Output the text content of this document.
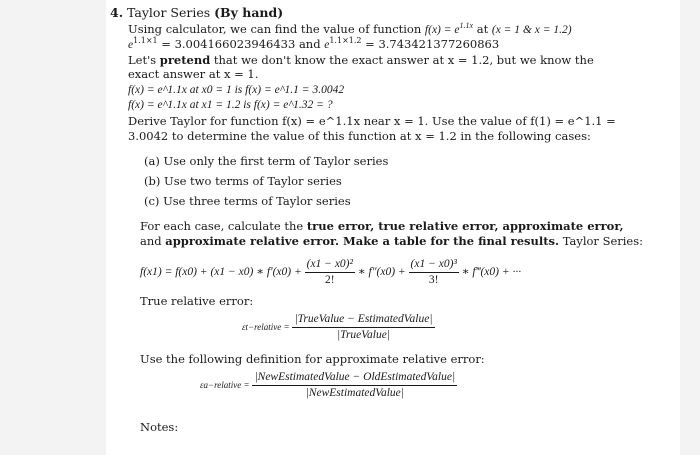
4. Taylor Series (By hand)
Using calculator, we can find the value of function $f(x) = e^{1.1x}$ at (x = 1 & x = 1.2)
$e^{1.1\times 1} = 3.004166023946433$ and $e^{1.1\times 1.2} = 3.743421377260863$
Let's pretend that we don't know the exact answer at x = 1.2, but we know the
exact answer at x = 1.
f(x) = e^1.1x at x0 = 1 is f(x) = e^1.1 = 3.0042
f(x) = e^1.1x at x1 = 1.2 is f(x) = e^1.32 = ?
Derive Taylor for function f(x) = e^1.1x near x = 1. Use the value of f(1) = e^1.1 =
3.0042 to determine the value of this function at x = 1.2 in the following cases:
(a) Use only the first term of Taylor series
(b) Use two terms of Taylor series
(c) Use three terms of Taylor series
For each case, calculate the true error, true relative error, approximate error,
and approximate relative error. Make a table for the final results. Taylor Series:
f(x1) = f(x0) + (x1 − x0) ∗ $f'(x0) + \frac{\text{(x1 − x0)²}}{2!}$ ∗ $f''(x0) + \frac{\text{(x1 − x0)³}}{3!}$ ∗ f‴(x0) + ···
True relative error:
εt−relative = $\frac{\text{|TrueValue − EstimatedValue|}}{\text{|TrueValue|}}$
Use the following definition for approximate relative error:
εa−relative = $\frac{\text{|NewEstimatedValue − OldEstimatedValue|}}{\text{|NewEstimatedValue|}}$
Notes:
